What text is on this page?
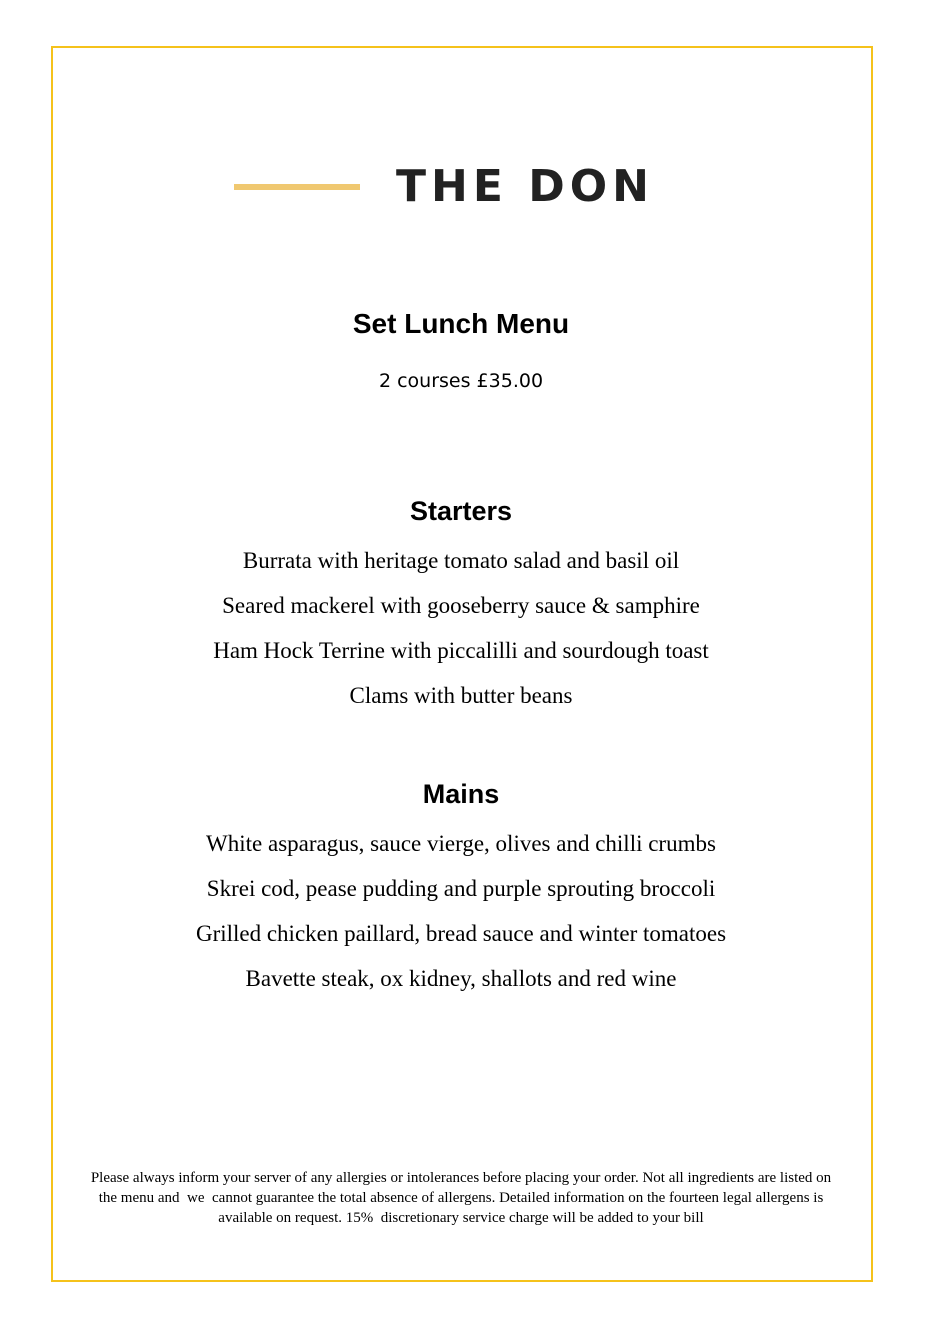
THE DON
Set Lunch Menu
2 courses £35.00
Starters
Burrata with heritage tomato salad and basil oil
Seared mackerel with gooseberry sauce & samphire
Ham Hock Terrine with piccalilli and sourdough toast
Clams with butter beans
Mains
White asparagus, sauce vierge, olives and chilli crumbs
Skrei cod, pease pudding and purple sprouting broccoli
Grilled chicken paillard, bread sauce and winter tomatoes
Bavette steak, ox kidney, shallots and red wine
Please always inform your server of any allergies or intolerances before placing your order. Not all ingredients are listed on
the menu and  we  cannot guarantee the total absence of allergens. Detailed information on the fourteen legal allergens is
available on request. 15%  discretionary service charge will be added to your bill
